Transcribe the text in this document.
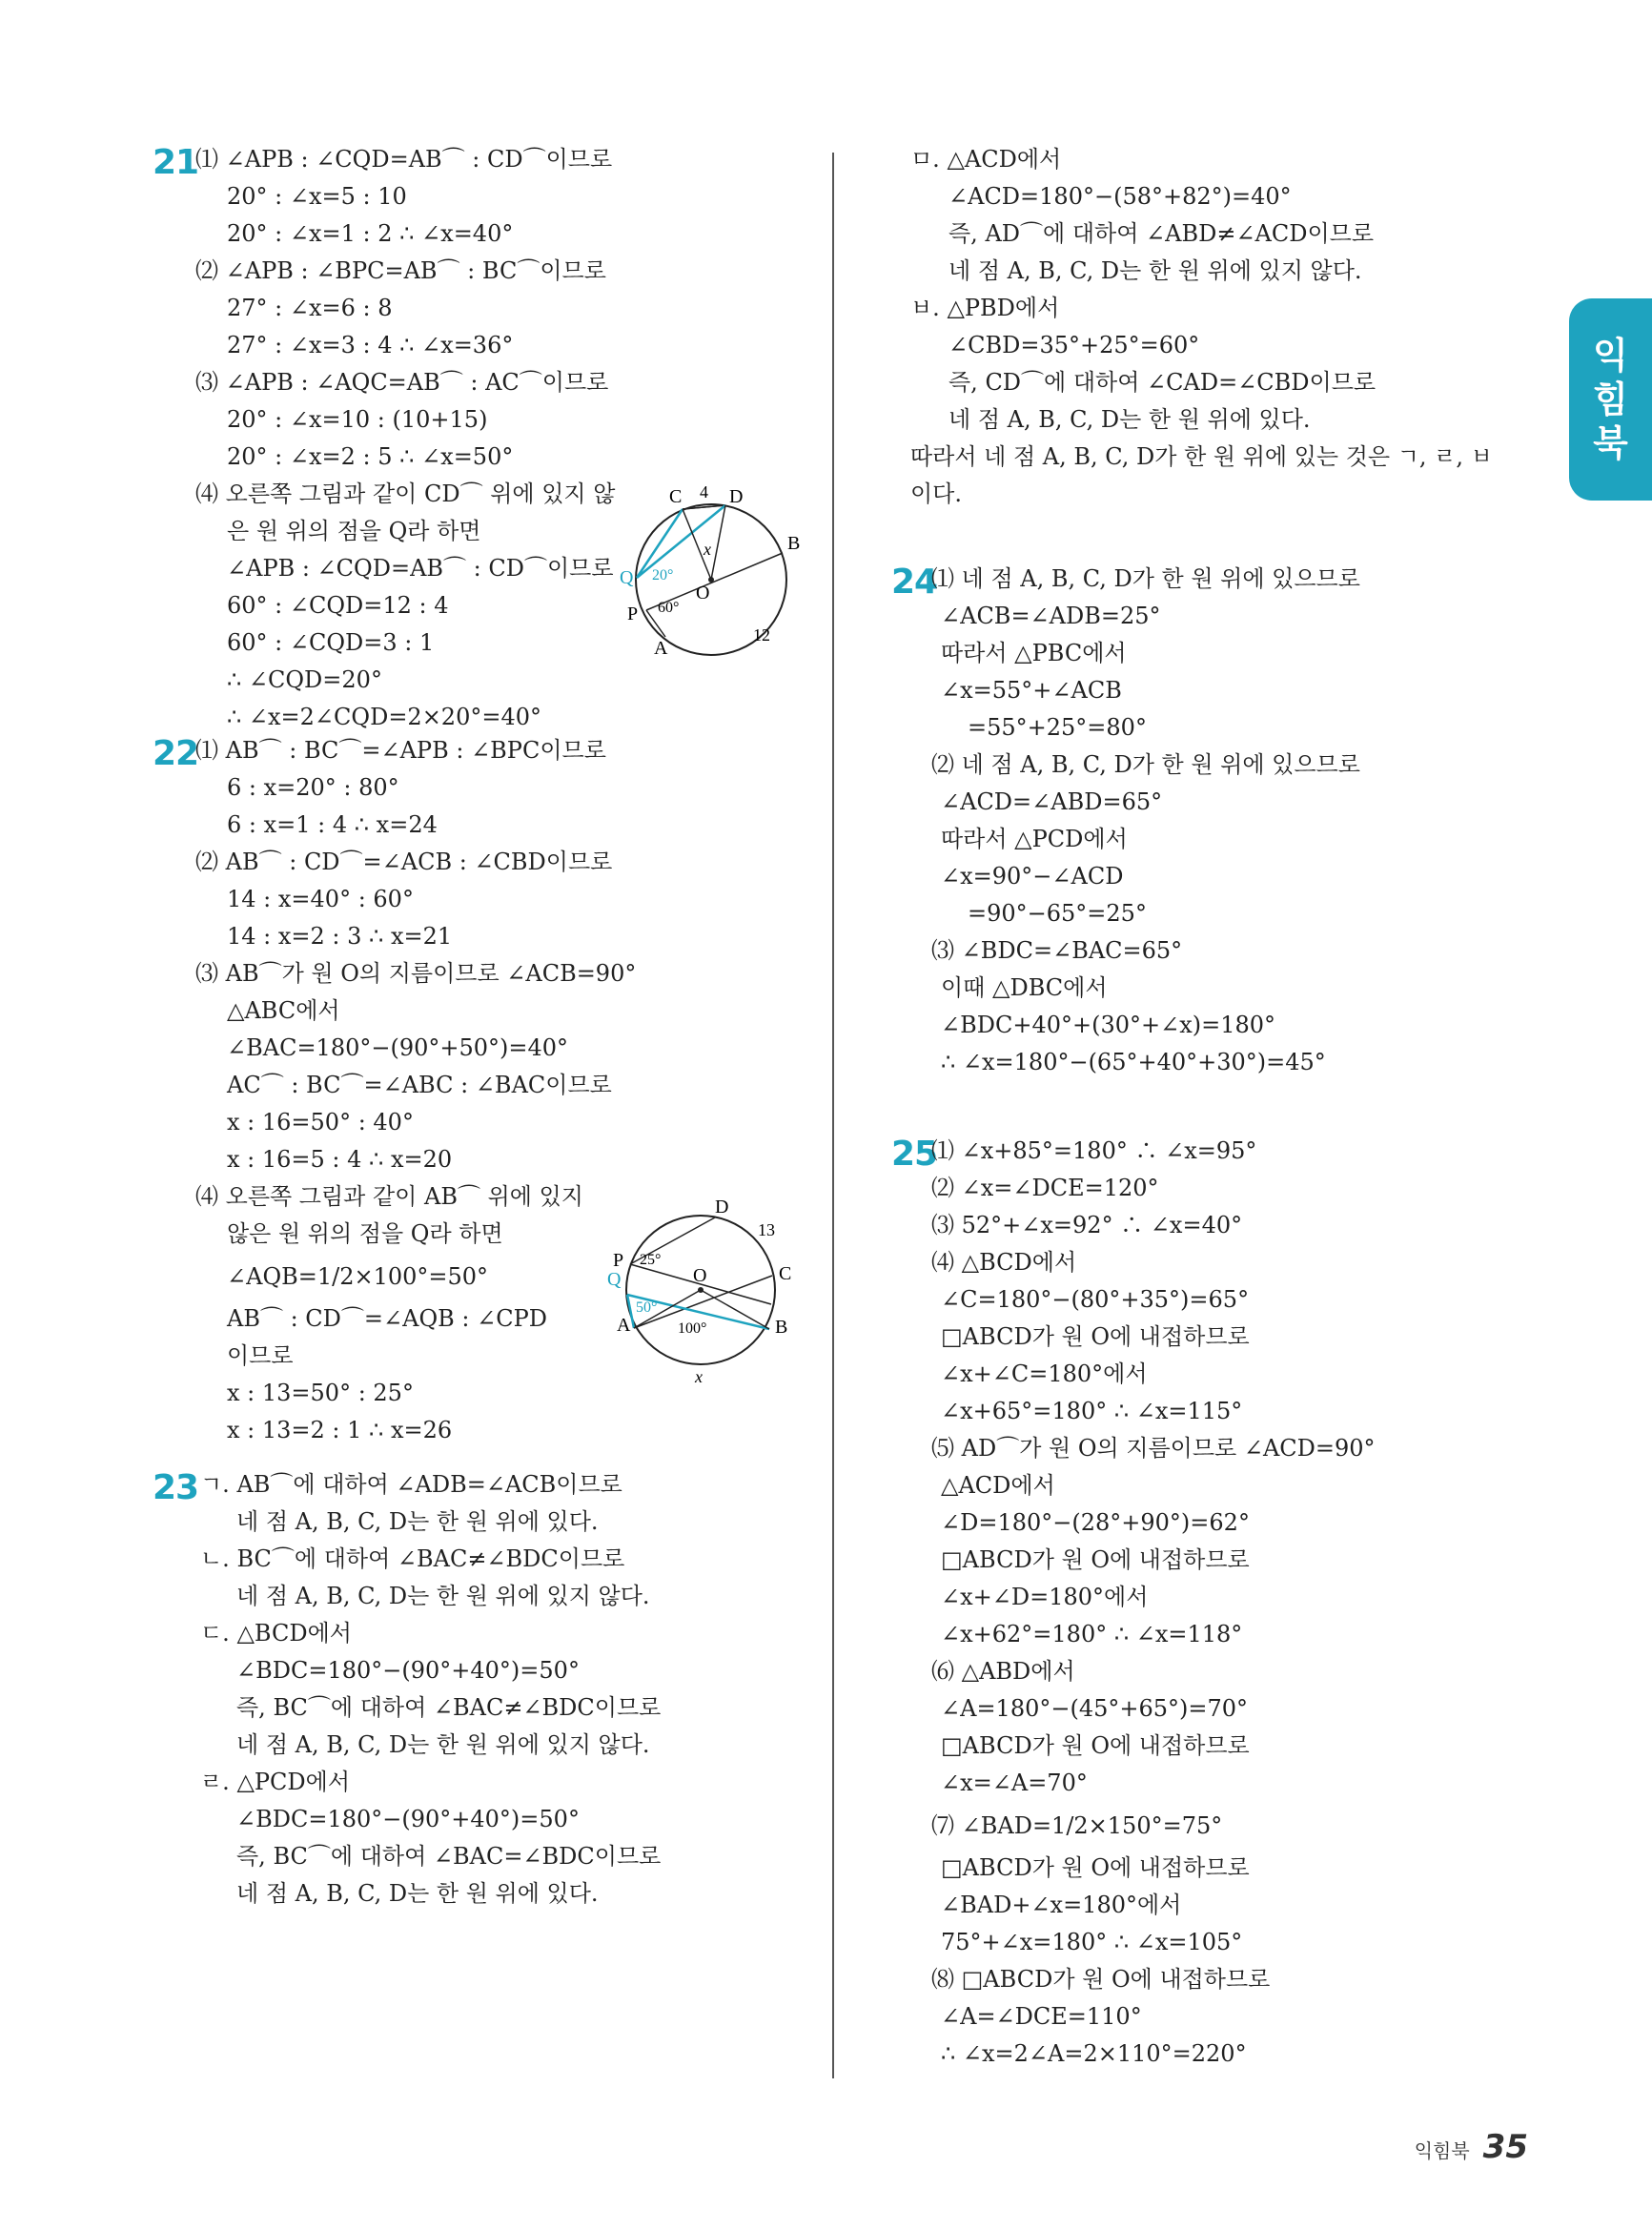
익
힘
북
21
⑴ ∠APB : ∠CQD=AB⌒ : CD⌒이므로
20° : ∠x=5 : 10
20° : ∠x=1 : 2 ∴ ∠x=40°
⑵ ∠APB : ∠BPC=AB⌒ : BC⌒이므로
27° : ∠x=6 : 8
27° : ∠x=3 : 4 ∴ ∠x=36°
⑶ ∠APB : ∠AQC=AB⌒ : AC⌒이므로
20° : ∠x=10 : (10+15)
20° : ∠x=2 : 5 ∴ ∠x=50°
⑷ 오른쪽 그림과 같이 CD⌒ 위에 있지 않
은 원 위의 점을 Q라 하면
∠APB : ∠CQD=AB⌒ : CD⌒이므로
60° : ∠CQD=12 : 4
60° : ∠CQD=3 : 1
∴ ∠CQD=20°
∴ ∠x=2∠CQD=2×20°=40°
C 4 D
B
Q 20°
x
O
P 60°
A
12
22
⑴ AB⌒ : BC⌒=∠APB : ∠BPC이므로
6 : x=20° : 80°
6 : x=1 : 4 ∴ x=24
⑵ AB⌒ : CD⌒=∠ACB : ∠CBD이므로
14 : x=40° : 60°
14 : x=2 : 3 ∴ x=21
⑶ AB⌒가 원 O의 지름이므로 ∠ACB=90°
△ABC에서
∠BAC=180°−(90°+50°)=40°
AC⌒ : BC⌒=∠ABC : ∠BAC이므로
x : 16=50° : 40°
x : 16=5 : 4 ∴ x=20
⑷ 오른쪽 그림과 같이 AB⌒ 위에 있지
않은 원 위의 점을 Q라 하면
∠AQB=1/2×100°=50°
AB⌒ : CD⌒=∠AQB : ∠CPD
이므로
x : 13=50° : 25°
x : 13=2 : 1 ∴ x=26
D
13
P 25°
C
Q	O
50°
A	100°	B
x
23 ㄱ. AB⌒에 대하여 ∠ADB=∠ACB이므로
네 점 A, B, C, D는 한 원 위에 있다.
ㄴ. BC⌒에 대하여 ∠BAC≠∠BDC이므로
네 점 A, B, C, D는 한 원 위에 있지 않다.
ㄷ. △BCD에서
∠BDC=180°−(90°+40°)=50°
즉, BC⌒에 대하여 ∠BAC≠∠BDC이므로
네 점 A, B, C, D는 한 원 위에 있지 않다.
ㄹ. △PCD에서
∠BDC=180°−(90°+40°)=50°
즉, BC⌒에 대하여 ∠BAC=∠BDC이므로
네 점 A, B, C, D는 한 원 위에 있다.
ㅁ. △ACD에서
∠ACD=180°−(58°+82°)=40°
즉, AD⌒에 대하여 ∠ABD≠∠ACD이므로
네 점 A, B, C, D는 한 원 위에 있지 않다.
ㅂ. △PBD에서
∠CBD=35°+25°=60°
즉, CD⌒에 대하여 ∠CAD=∠CBD이므로
네 점 A, B, C, D는 한 원 위에 있다.
따라서 네 점 A, B, C, D가 한 원 위에 있는 것은 ㄱ, ㄹ, ㅂ
이다.
24
⑴ 네 점 A, B, C, D가 한 원 위에 있으므로
∠ACB=∠ADB=25°
따라서 △PBC에서
∠x=55°+∠ACB
=55°+25°=80°
⑵ 네 점 A, B, C, D가 한 원 위에 있으므로
∠ACD=∠ABD=65°
따라서 △PCD에서
∠x=90°−∠ACD
=90°−65°=25°
⑶ ∠BDC=∠BAC=65°
이때 △DBC에서
∠BDC+40°+(30°+∠x)=180°
∴ ∠x=180°−(65°+40°+30°)=45°
25
⑴ ∠x+85°=180° ∴ ∠x=95°
⑵ ∠x=∠DCE=120°
⑶ 52°+∠x=92° ∴ ∠x=40°
⑷ △BCD에서
∠C=180°−(80°+35°)=65°
□ABCD가 원 O에 내접하므로
∠x+∠C=180°에서
∠x+65°=180° ∴ ∠x=115°
⑸ AD⌒가 원 O의 지름이므로 ∠ACD=90°
△ACD에서
∠D=180°−(28°+90°)=62°
□ABCD가 원 O에 내접하므로
∠x+∠D=180°에서
∠x+62°=180° ∴ ∠x=118°
⑹ △ABD에서
∠A=180°−(45°+65°)=70°
□ABCD가 원 O에 내접하므로
∠x=∠A=70°
⑺ ∠BAD=1/2×150°=75°
□ABCD가 원 O에 내접하므로
∠BAD+∠x=180°에서
75°+∠x=180° ∴ ∠x=105°
⑻ □ABCD가 원 O에 내접하므로
∠A=∠DCE=110°
∴ ∠x=2∠A=2×110°=220°
익힘북 35
